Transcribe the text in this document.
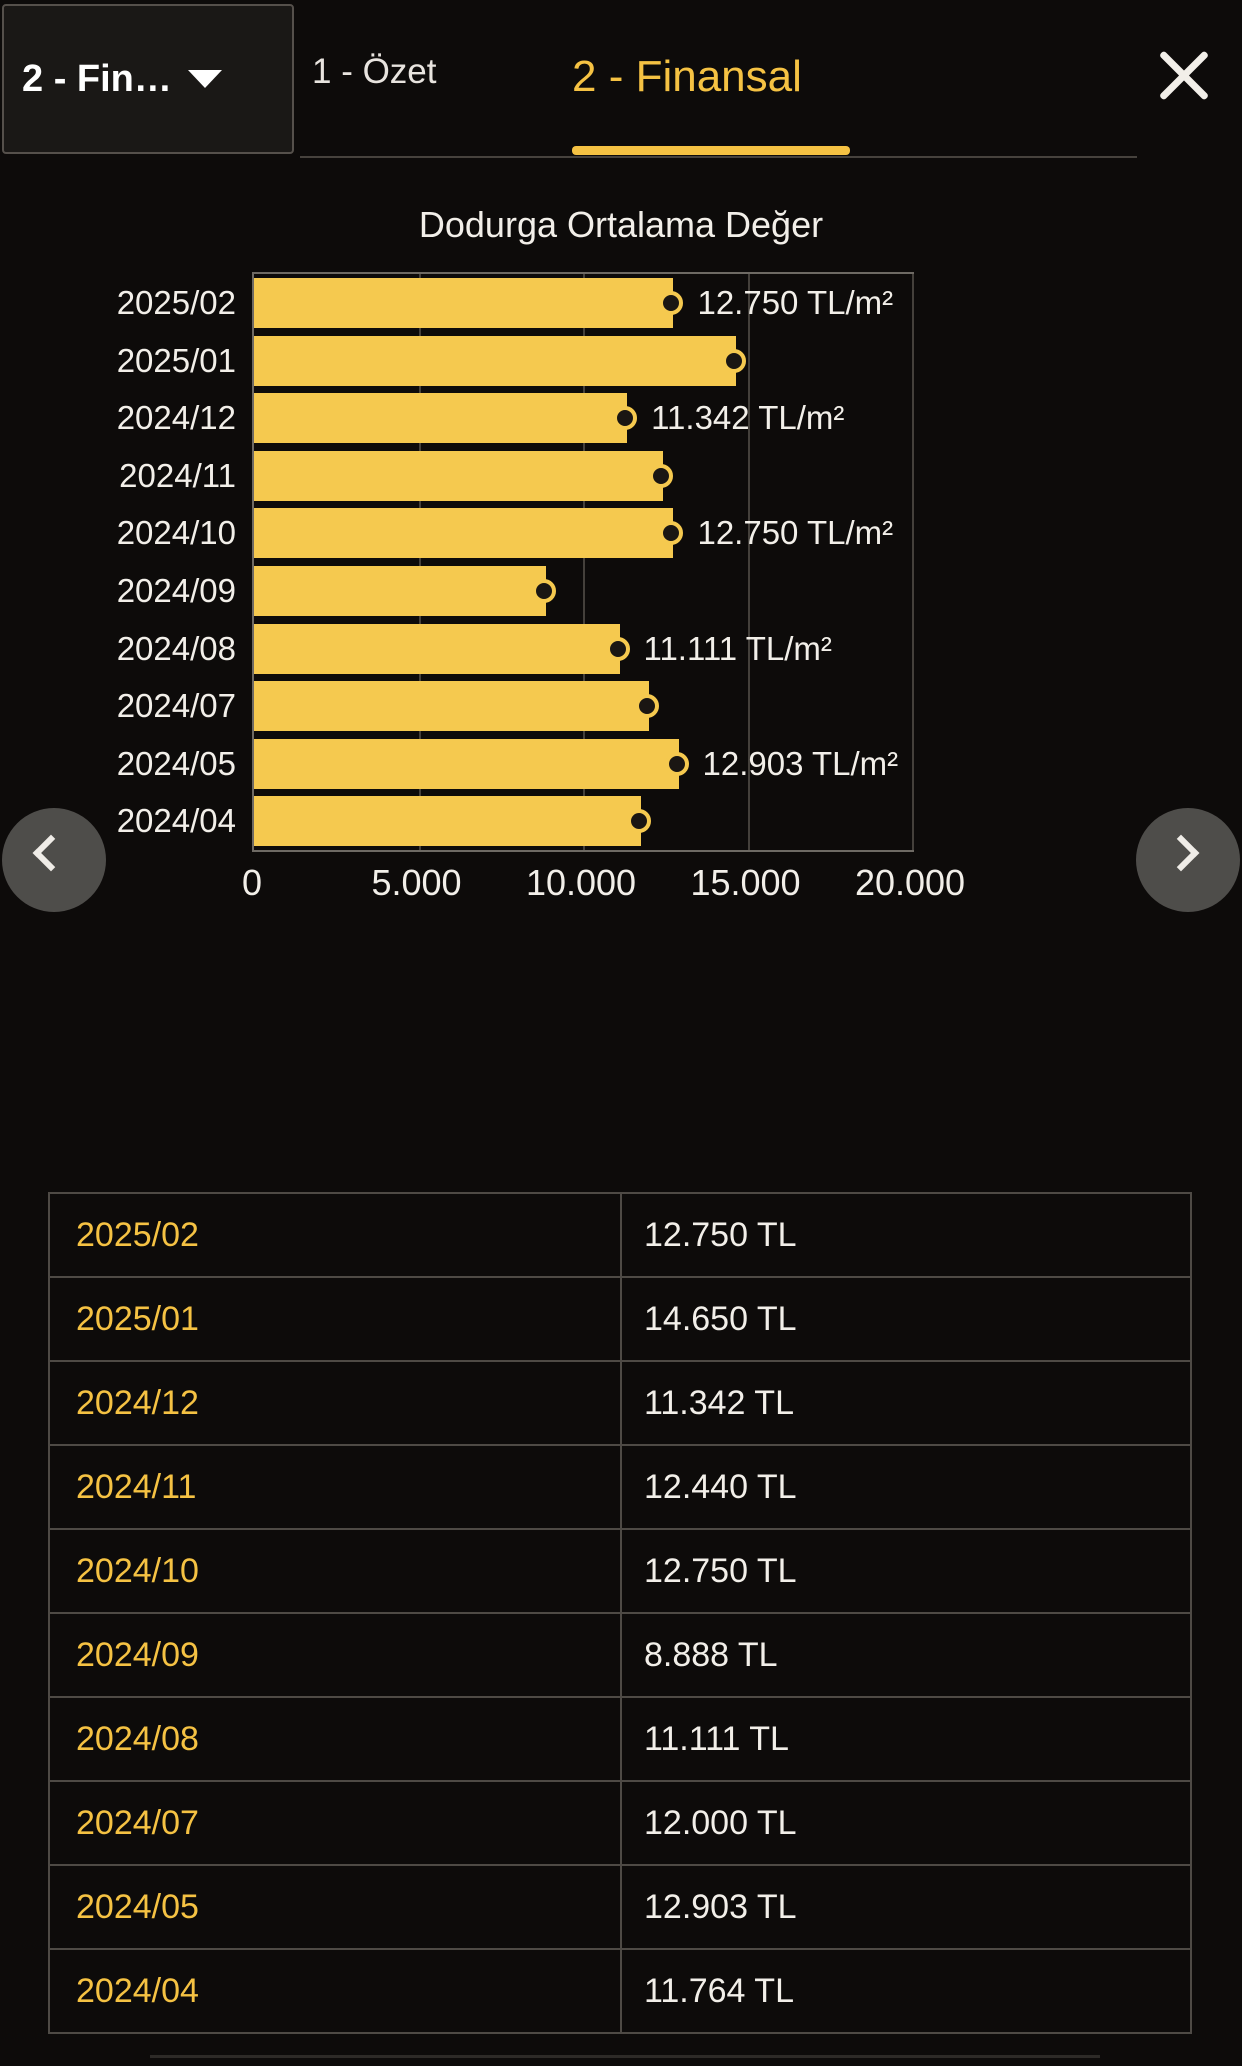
2 - Fin…	1 - Özet	2 - Finansal
Dodurga Ortalama Değer
2025/02	12.750 TL/m²
2025/01
2024/12	11.342 TL/m²
2024/11
2024/10	12.750 TL/m²
2024/09
2024/08	11.111 TL/m²
2024/07
2024/05	12.903 TL/m²
2024/04
0	5.000 10.000 15.000 20.000
2025/02	12.750 TL
2025/01	14.650 TL
2024/12	11.342 TL
2024/11	12.440 TL
2024/10	12.750 TL
2024/09	8.888 TL
2024/08	11.111 TL
2024/07	12.000 TL
2024/05	12.903 TL
2024/04	11.764 TL
